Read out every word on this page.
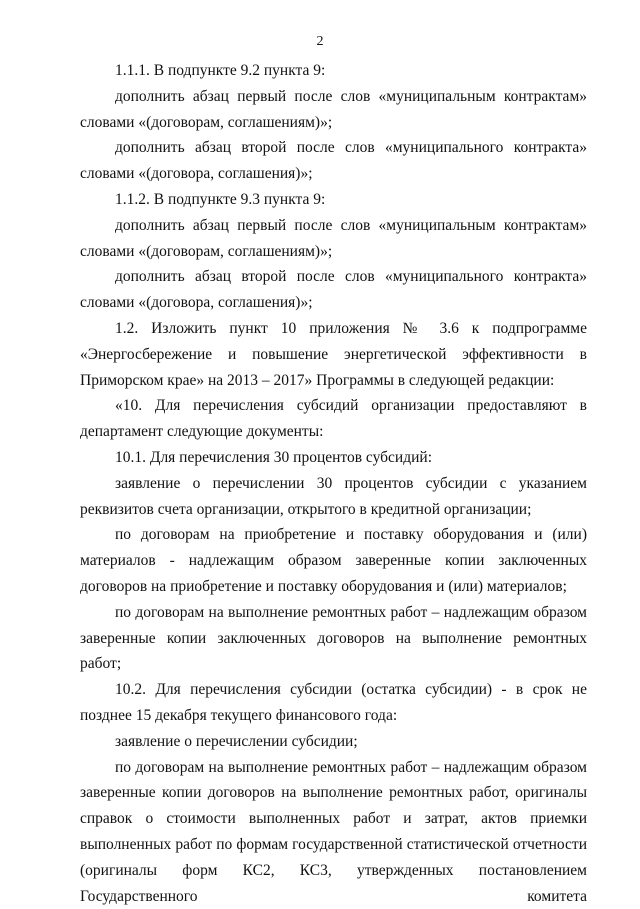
2

1.1.1. В подпункте 9.2 пункта 9:

дополнить абзац первый после слов «муниципальным контрактам» словами «(договорам, соглашениям)»;

дополнить абзац второй после слов «муниципального контракта» словами «(договора, соглашения)»;

1.1.2. В подпункте 9.3 пункта 9:

дополнить абзац первый после слов «муниципальным контрактам» словами «(договорам, соглашениям)»;

дополнить абзац второй после слов «муниципального контракта» словами «(договора, соглашения)»;

1.2. Изложить пункт 10 приложения № 3.6 к подпрограмме «Энергосбережение и повышение энергетической эффективности в Приморском крае» на 2013 – 2017» Программы в следующей редакции:

«10. Для перечисления субсидий организации предоставляют в департамент следующие документы:

10.1. Для перечисления 30 процентов субсидий:

заявление о перечислении 30 процентов субсидии с указанием реквизитов счета организации, открытого в кредитной организации;

по договорам на приобретение и поставку оборудования и (или) материалов - надлежащим образом заверенные копии заключенных договоров на приобретение и поставку оборудования и (или) материалов;

по договорам на выполнение ремонтных работ – надлежащим образом заверенные копии заключенных договоров на выполнение ремонтных работ;

10.2. Для перечисления субсидии (остатка субсидии) - в срок не позднее 15 декабря текущего финансового года:

заявление о перечислении субсидии;

по договорам на выполнение ремонтных работ – надлежащим образом заверенные копии договоров на выполнение ремонтных работ, оригиналы справок о стоимости выполненных работ и затрат, актов приемки выполненных работ по формам государственной статистической отчетности (оригиналы форм КС2, КС3, утвержденных постановлением Государственного комитета
